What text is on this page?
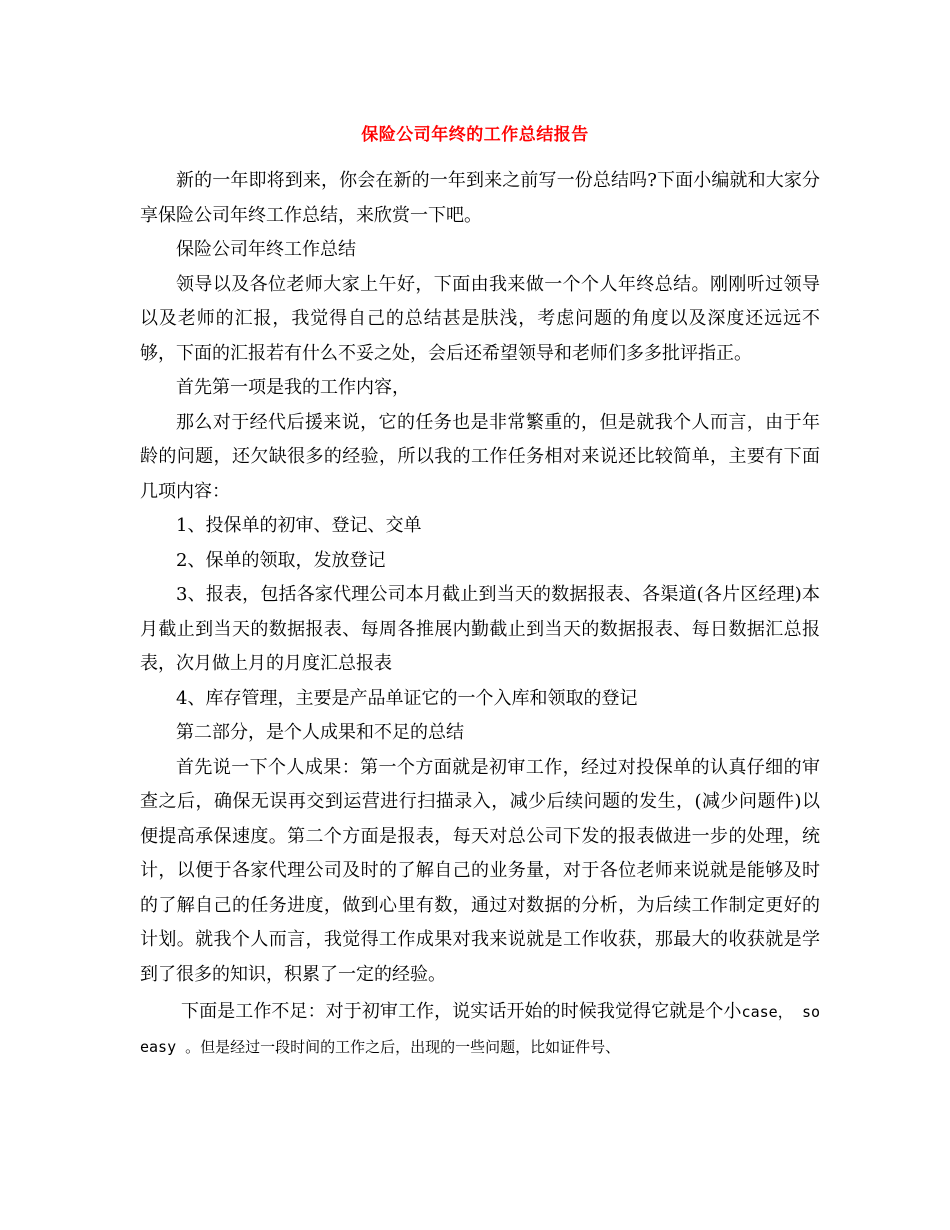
保险公司年终的工作总结报告

新的一年即将到来，你会在新的一年到来之前写一份总结吗?下面小编就和大家分享保险公司年终工作总结，来欣赏一下吧。

保险公司年终工作总结

领导以及各位老师大家上午好，下面由我来做一个个人年终总结。刚刚听过领导以及老师的汇报，我觉得自己的总结甚是肤浅，考虑问题的角度以及深度还远远不够，下面的汇报若有什么不妥之处，会后还希望领导和老师们多多批评指正。

首先第一项是我的工作内容，

那么对于经代后援来说，它的任务也是非常繁重的，但是就我个人而言，由于年龄的问题，还欠缺很多的经验，所以我的工作任务相对来说还比较简单，主要有下面几项内容：

1、投保单的初审、登记、交单

2、保单的领取，发放登记

3、报表，包括各家代理公司本月截止到当天的数据报表、各渠道(各片区经理)本月截止到当天的数据报表、每周各推展内勤截止到当天的数据报表、每日数据汇总报表，次月做上月的月度汇总报表

4、库存管理，主要是产品单证它的一个入库和领取的登记

第二部分，是个人成果和不足的总结

首先说一下个人成果：第一个方面就是初审工作，经过对投保单的认真仔细的审查之后，确保无误再交到运营进行扫描录入，减少后续问题的发生，(减少问题件)以便提高承保速度。第二个方面是报表，每天对总公司下发的报表做进一步的处理，统计，以便于各家代理公司及时的了解自己的业务量，对于各位老师来说就是能够及时的了解自己的任务进度，做到心里有数，通过对数据的分析，为后续工作制定更好的计划。就我个人而言，我觉得工作成果对我来说就是工作收获，那最大的收获就是学到了很多的知识，积累了一定的经验。

下面是工作不足：对于初审工作，说实话开始的时候我觉得它就是个小case， so easy 。但是经过一段时间的工作之后，出现的一些问题，比如证件号、
